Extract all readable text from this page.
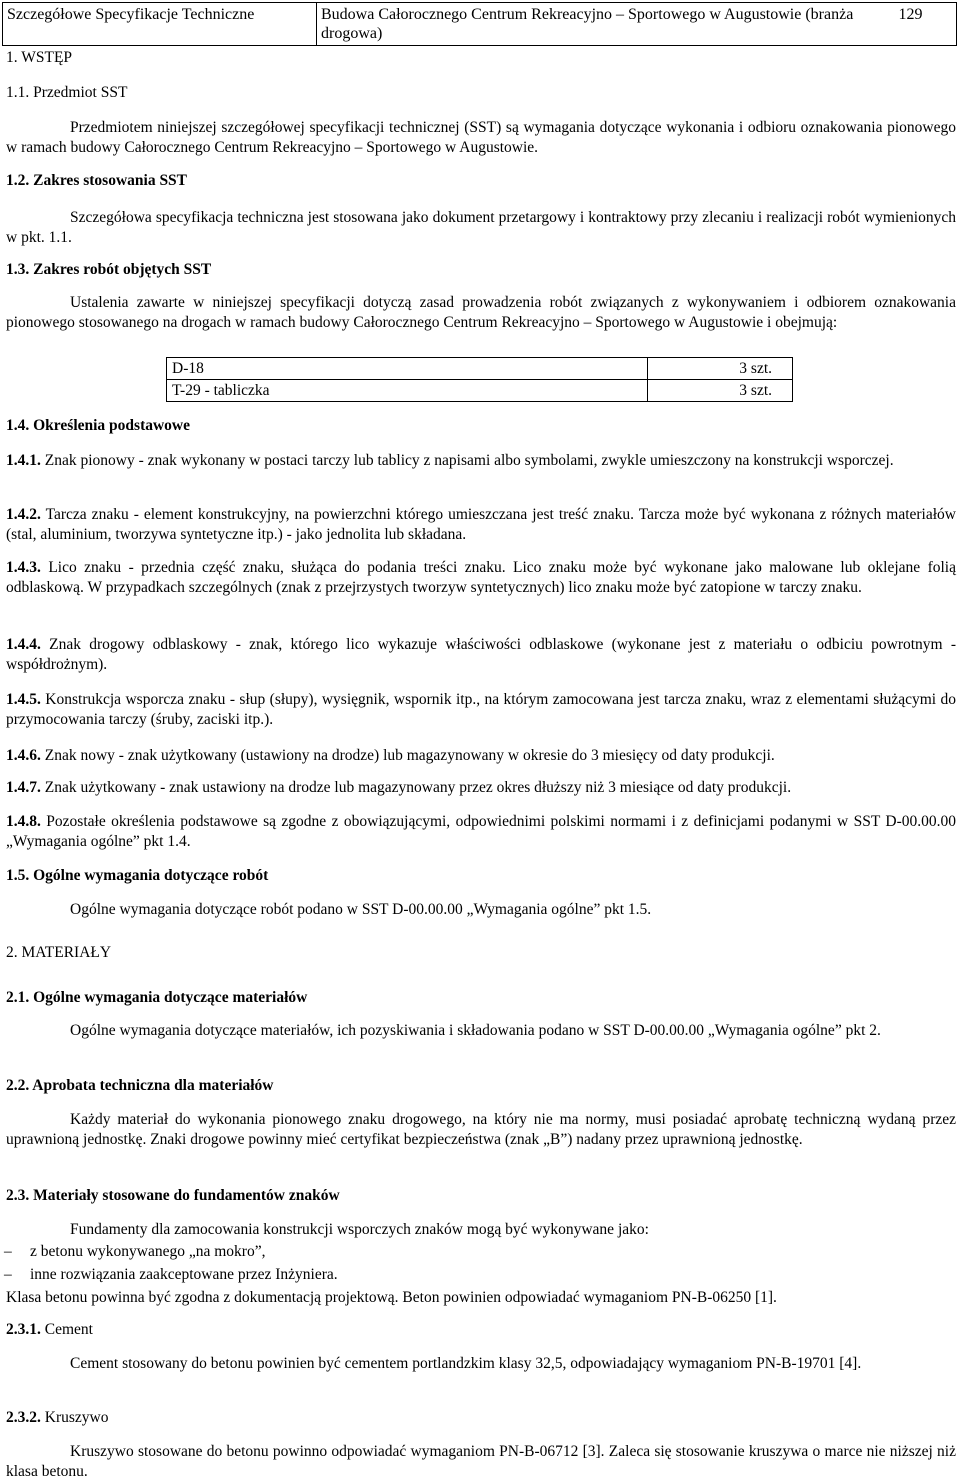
Szczegółowe Specyfikacje Techniczne	Budowa Całorocznego Centrum Rekreacyjno – Sportowego w Augustowie (branża drogowa)	129
1. WSTĘP
1.1. Przedmiot SST
Przedmiotem niniejszej szczegółowej specyfikacji technicznej (SST) są wymagania dotyczące wykonania i odbioru oznakowania pionowego w ramach budowy Całorocznego Centrum Rekreacyjno – Sportowego w Augustowie.
1.2. Zakres stosowania SST
Szczegółowa specyfikacja techniczna jest stosowana jako dokument przetargowy i kontraktowy przy zlecaniu i realizacji robót wymienionych w pkt. 1.1.
1.3. Zakres robót objętych SST
Ustalenia zawarte w niniejszej specyfikacji dotyczą zasad prowadzenia robót związanych z wykonywaniem i odbiorem oznakowania pionowego stosowanego na drogach w ramach budowy Całorocznego Centrum Rekreacyjno – Sportowego w Augustowie i obejmują:
D-18	3 szt.
T-29 - tabliczka	3 szt.
1.4. Określenia podstawowe
1.4.1. Znak pionowy - znak wykonany w postaci tarczy lub tablicy z napisami albo symbolami, zwykle umieszczony na konstrukcji wsporczej.
1.4.2. Tarcza znaku - element konstrukcyjny, na powierzchni którego umieszczana jest treść znaku. Tarcza może być wykonana z różnych materiałów (stal, aluminium, tworzywa syntetyczne itp.) - jako jednolita lub składana.
1.4.3. Lico znaku - przednia część znaku, służąca do podania treści znaku. Lico znaku może być wykonane jako malowane lub oklejane folią odblaskową. W przypadkach szczególnych (znak z przejrzystych tworzyw syntetycznych) lico znaku może być zatopione w tarczy znaku.
1.4.4. Znak drogowy odblaskowy - znak, którego lico wykazuje właściwości odblaskowe (wykonane jest z materiału o odbiciu powrotnym - współdrożnym).
1.4.5. Konstrukcja wsporcza znaku - słup (słupy), wysięgnik, wspornik itp., na którym zamocowana jest tarcza znaku, wraz z elementami służącymi do przymocowania tarczy (śruby, zaciski itp.).
1.4.6. Znak nowy - znak użytkowany (ustawiony na drodze) lub magazynowany w okresie do 3 miesięcy od daty produkcji.
1.4.7. Znak użytkowany - znak ustawiony na drodze lub magazynowany przez okres dłuższy niż 3 miesiące od daty produkcji.
1.4.8. Pozostałe określenia podstawowe są zgodne z obowiązującymi, odpowiednimi polskimi normami i z definicjami podanymi w SST D-00.00.00 „Wymagania ogólne” pkt 1.4.
1.5. Ogólne wymagania dotyczące robót
Ogólne wymagania dotyczące robót podano w SST D-00.00.00 „Wymagania ogólne” pkt 1.5.
2. MATERIAŁY
2.1. Ogólne wymagania dotyczące materiałów
Ogólne wymagania dotyczące materiałów, ich pozyskiwania i składowania podano w SST D-00.00.00 „Wymagania ogólne” pkt 2.
2.2. Aprobata techniczna dla materiałów
Każdy materiał do wykonania pionowego znaku drogowego, na który nie ma normy, musi posiadać aprobatę techniczną wydaną przez uprawnioną jednostkę. Znaki drogowe powinny mieć certyfikat bezpieczeństwa (znak „B”) nadany przez uprawnioną jednostkę.
2.3. Materiały stosowane do fundamentów znaków
Fundamenty dla zamocowania konstrukcji wsporczych znaków mogą być wykonywane jako:
– z betonu wykonywanego „na mokro”,
– inne rozwiązania zaakceptowane przez Inżyniera.
Klasa betonu powinna być zgodna z dokumentacją projektową. Beton powinien odpowiadać wymaganiom PN-B-06250 [1].
2.3.1. Cement
Cement stosowany do betonu powinien być cementem portlandzkim klasy 32,5, odpowiadający wymaganiom PN-B-19701 [4].
2.3.2. Kruszywo
Kruszywo stosowane do betonu powinno odpowiadać wymaganiom PN-B-06712 [3]. Zaleca się stosowanie kruszywa o marce nie niższej niż klasa betonu.
